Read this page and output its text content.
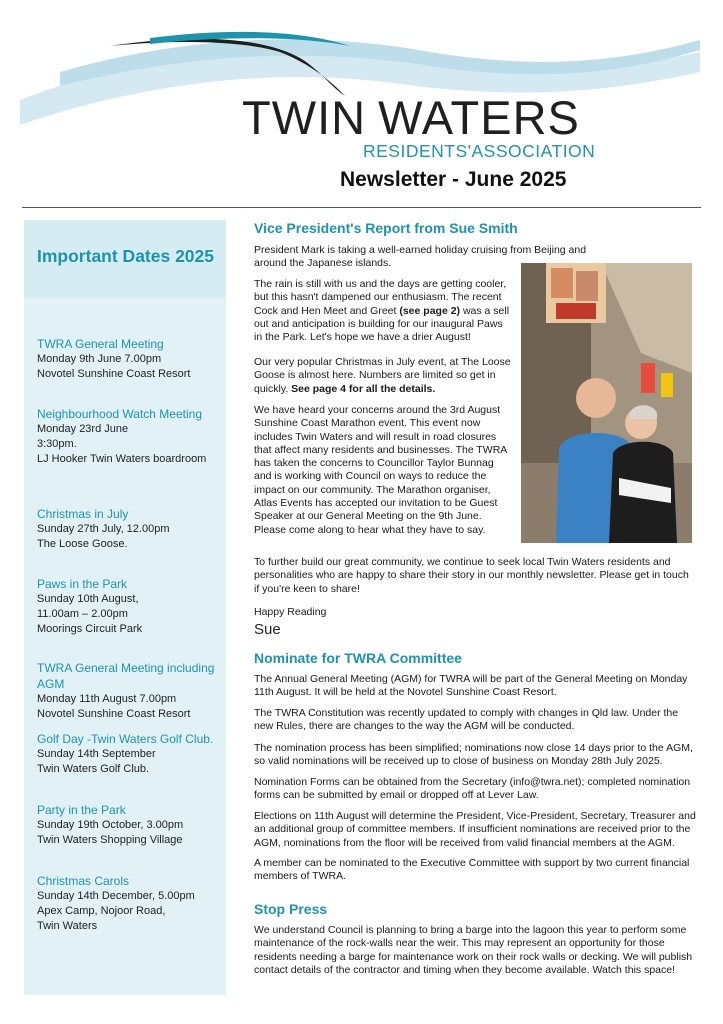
TWIN WATERS
RESIDENTS'ASSOCIATION
Newsletter - June 2025
Important Dates 2025
TWRA General Meeting
Monday 9th June 7.00pm
Novotel Sunshine Coast Resort
Neighbourhood Watch Meeting
Monday 23rd June
3:30pm.
LJ Hooker Twin Waters boardroom
Christmas in July
Sunday 27th July, 12.00pm
The Loose Goose.
Paws in the Park
Sunday 10th August,
11.00am – 2.00pm
Moorings Circuit Park
TWRA General Meeting including AGM
Monday 11th August 7.00pm
Novotel Sunshine Coast Resort
Golf Day -Twin Waters Golf Club.
Sunday 14th September
Twin Waters Golf Club.
Party in the Park
Sunday 19th October, 3.00pm
Twin Waters Shopping Village
Christmas Carols
Sunday 14th December, 5.00pm
Apex Camp, Nojoor Road,
Twin Waters
Vice President's Report from Sue Smith
President Mark is taking a well-earned holiday cruising from Beijing and around the Japanese islands.
The rain is still with us and the days are getting cooler, but this hasn't dampened our enthusiasm. The recent Cock and Hen Meet and Greet (see page 2) was a sell out and anticipation is building for our inaugural Paws in the Park. Let's hope we have a drier August!
Our very popular Christmas in July event, at The Loose Goose is almost here. Numbers are limited so get in quickly. See page 4 for all the details.
We have heard your concerns around the 3rd August Sunshine Coast Marathon event. This event now includes Twin Waters and will result in road closures that affect many residents and businesses. The TWRA has taken the concerns to Councillor Taylor Bunnag and is working with Council on ways to reduce the impact on our community. The Marathon organiser, Atlas Events has accepted our invitation to be Guest Speaker at our General Meeting on the 9th June. Please come along to hear what they have to say.
To further build our great community, we continue to seek local Twin Waters residents and personalities who are happy to share their story in our monthly newsletter. Please get in touch if you're keen to share!
Happy Reading
Sue
Nominate for TWRA Committee
The Annual General Meeting (AGM) for TWRA will be part of the General Meeting on Monday 11th August. It will be held at the Novotel Sunshine Coast Resort.
The TWRA Constitution was recently updated to comply with changes in Qld law. Under the new Rules, there are changes to the way the AGM will be conducted.
The nomination process has been simplified; nominations now close 14 days prior to the AGM, so valid nominations will be received up to close of business on Monday 28th July 2025.
Nomination Forms can be obtained from the Secretary (info@twra.net); completed nomination forms can be submitted by email or dropped off at Lever Law.
Elections on 11th August will determine the President, Vice-President, Secretary, Treasurer and an additional group of committee members. If insufficient nominations are received prior to the AGM, nominations from the floor will be received from valid financial members at the AGM.
A member can be nominated to the Executive Committee with support by two current financial members of TWRA.
Stop Press
We understand Council is planning to bring a barge into the lagoon this year to perform some maintenance of the rock-walls near the weir. This may represent an opportunity for those residents needing a barge for maintenance work on their rock walls or decking. We will publish contact details of the contractor and timing when they become available. Watch this space!
